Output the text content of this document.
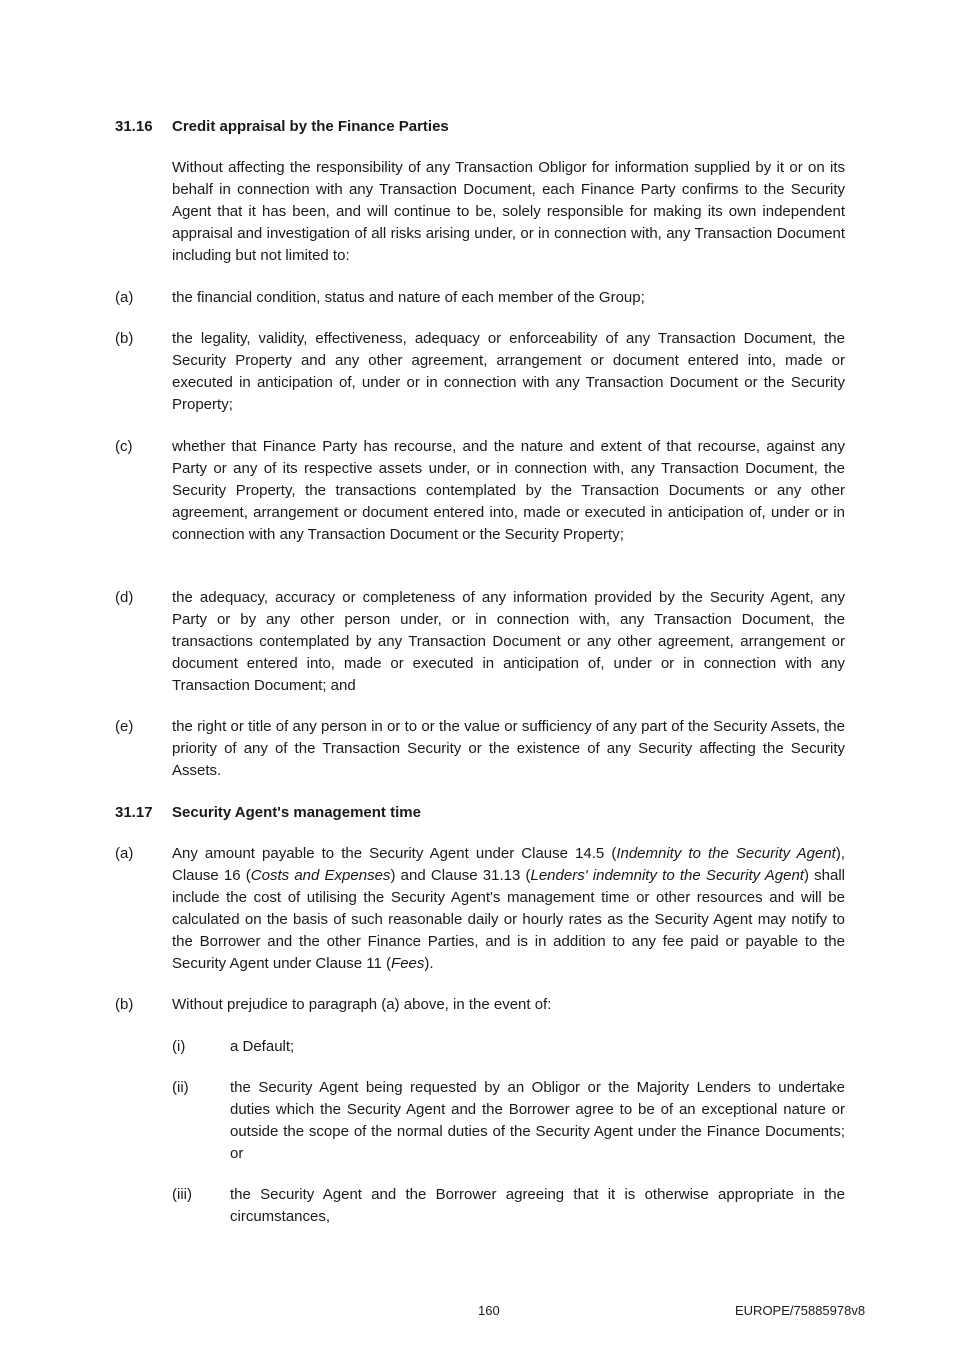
31.16	Credit appraisal by the Finance Parties
Without affecting the responsibility of any Transaction Obligor for information supplied by it or on its behalf in connection with any Transaction Document, each Finance Party confirms to the Security Agent that it has been, and will continue to be, solely responsible for making its own independent appraisal and investigation of all risks arising under, or in connection with, any Transaction Document including but not limited to:
(a)	the financial condition, status and nature of each member of the Group;
(b)	the legality, validity, effectiveness, adequacy or enforceability of any Transaction Document, the Security Property and any other agreement, arrangement or document entered into, made or executed in anticipation of, under or in connection with any Transaction Document or the Security Property;
(c)	whether that Finance Party has recourse, and the nature and extent of that recourse, against any Party or any of its respective assets under, or in connection with, any Transaction Document, the Security Property, the transactions contemplated by the Transaction Documents or any other agreement, arrangement or document entered into, made or executed in anticipation of, under or in connection with any Transaction Document or the Security Property;
(d)	the adequacy, accuracy or completeness of any information provided by the Security Agent, any Party or by any other person under, or in connection with, any Transaction Document, the transactions contemplated by any Transaction Document or any other agreement, arrangement or document entered into, made or executed in anticipation of, under or in connection with any Transaction Document; and
(e)	the right or title of any person in or to or the value or sufficiency of any part of the Security Assets, the priority of any of the Transaction Security or the existence of any Security affecting the Security Assets.
31.17	Security Agent's management time
(a)	Any amount payable to the Security Agent under Clause 14.5 (Indemnity to the Security Agent), Clause 16 (Costs and Expenses) and Clause 31.13 (Lenders' indemnity to the Security Agent) shall include the cost of utilising the Security Agent's management time or other resources and will be calculated on the basis of such reasonable daily or hourly rates as the Security Agent may notify to the Borrower and the other Finance Parties, and is in addition to any fee paid or payable to the Security Agent under Clause 11 (Fees).
(b)	Without prejudice to paragraph (a) above, in the event of:
(i)	a Default;
(ii)	the Security Agent being requested by an Obligor or the Majority Lenders to undertake duties which the Security Agent and the Borrower agree to be of an exceptional nature or outside the scope of the normal duties of the Security Agent under the Finance Documents; or
(iii)	the Security Agent and the Borrower agreeing that it is otherwise appropriate in the circumstances,
160	EUROPE/75885978v8
